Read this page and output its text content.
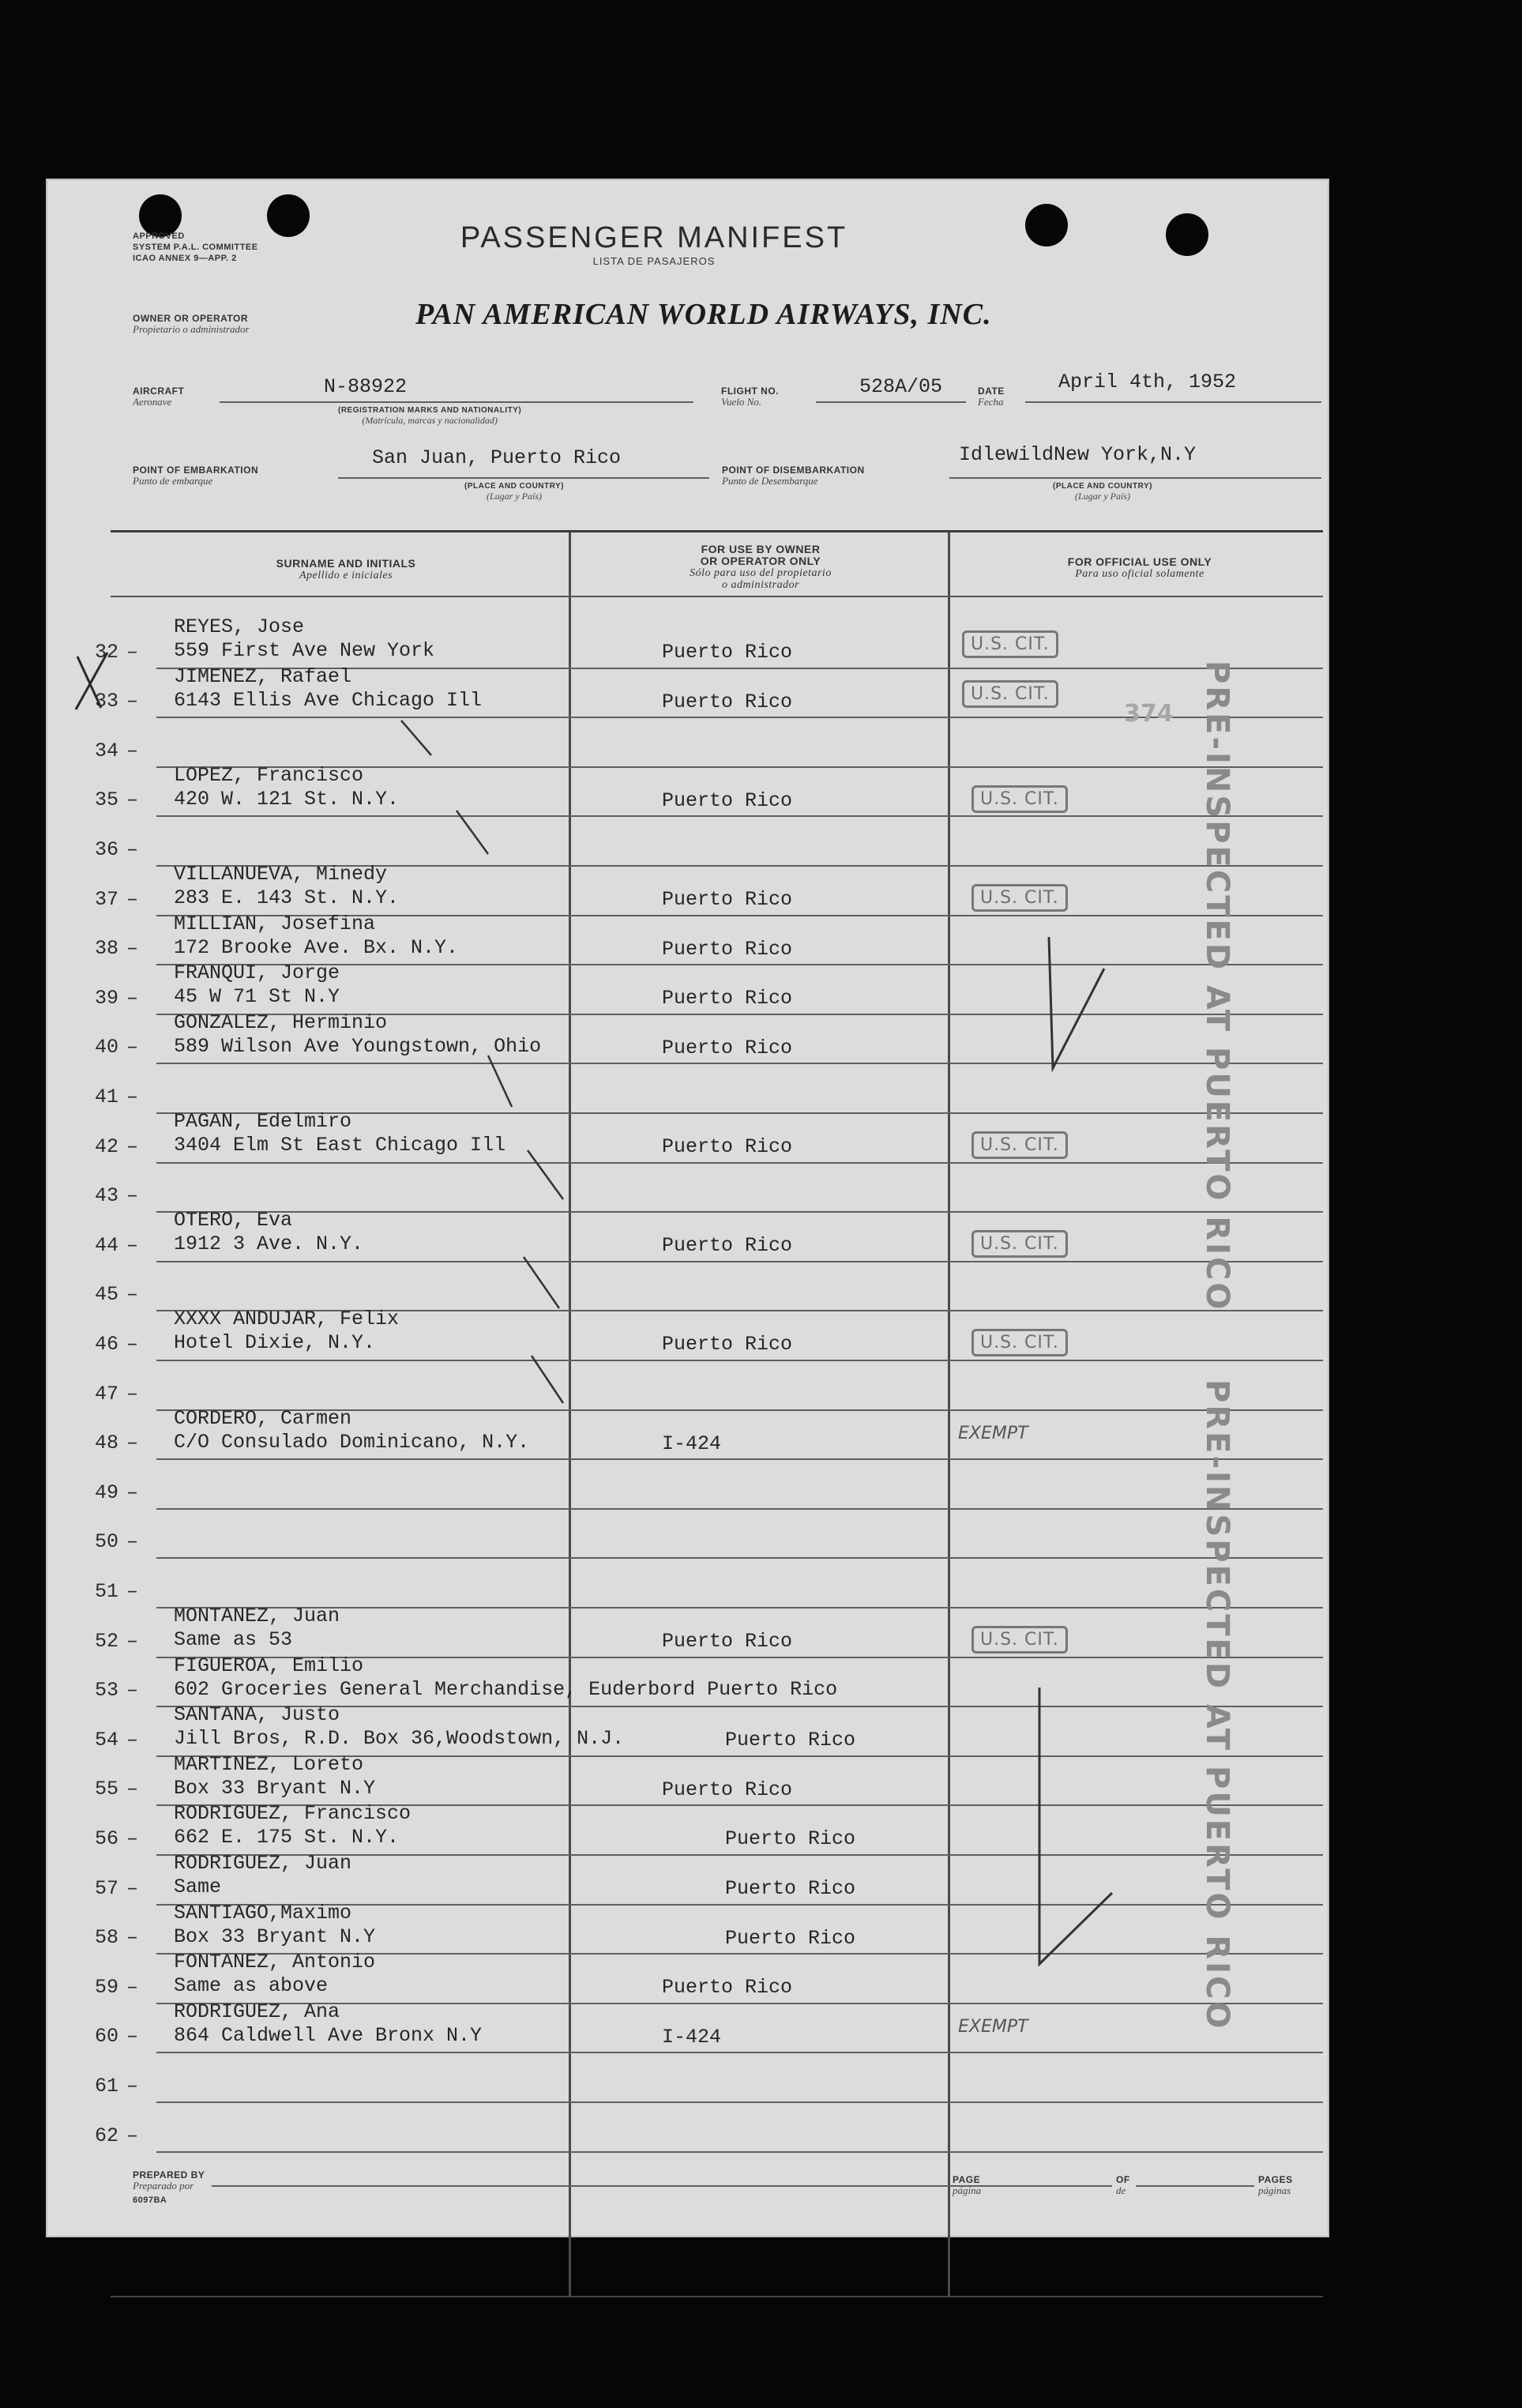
APPROVED
SYSTEM P.A.L. COMMITTEE
ICAO ANNEX 9—APP. 2
PASSENGER MANIFEST
LISTA DE PASAJEROS
OWNER OR OPERATOR
Propietario o administrador	PAN AMERICAN WORLD AIRWAYS, INC.
AIRCRAFT
Aeronave
N-88922
(REGISTRATION MARKS AND NATIONALITY)
(Matrícula, marcas y nacionalidad)
FLIGHT NO.
Vuelo No.
528A/05	DATE
Fecha
April 4th, 1952
POINT OF EMBARKATION
Punto de embarque
San Juan, Puerto Rico
(PLACE AND COUNTRY)
(Lugar y País)
POINT OF DISEMBARKATION
Punto de Desembarque
IdlewildNew York,N.Y
(PLACE AND COUNTRY)
(Lugar y País)
SURNAME AND INITIALS
Apellido e iniciales
FOR USE BY OWNER
OR OPERATOR ONLY
Sólo para uso del propietario
o administrador
FOR OFFICIAL USE ONLY
Para uso oficial solamente
32 –
REYES, Jose
559 First Ave New York	Puerto Rico	U.S. CIT.
33 –
JIMENEZ, Rafael
6143 Ellis Ave Chicago Ill	Puerto Rico	U.S. CIT.
34 –
35 –
LOPEZ, Francisco
420 W. 121 St. N.Y.	Puerto Rico	U.S. CIT.
36 –
37 –
VILLANUEVA, Minedy
283 E. 143 St. N.Y.	Puerto Rico	U.S. CIT.
38 –
MILLIAN, Josefina
172 Brooke Ave. Bx. N.Y.	Puerto Rico
39 –
FRANQUI, Jorge
45 W 71 St N.Y	Puerto Rico
40 –
GONZALEZ, Herminio
589 Wilson Ave Youngstown, Ohio	Puerto Rico
41 –
42 –
PAGAN, Edelmiro
3404 Elm St East Chicago Ill	Puerto Rico	U.S. CIT.
43 –
44 –
OTERO, Eva
1912 3 Ave. N.Y.	Puerto Rico	U.S. CIT.
45 –
46 –
XXXX ANDUJAR, Felix
Hotel Dixie, N.Y.	Puerto Rico	U.S. CIT.
47 –
48 –
CORDERO, Carmen
C/O Consulado Dominicano, N.Y.	I-424	EXEMPT
49 –
50 –
51 –
52 –
MONTANEZ, Juan
Same as 53	Puerto Rico	U.S. CIT.
53 –
FIGUEROA, Emilio
602 Groceries General Merchandise, Euderbord Puerto Rico
54 –
SANTANA, Justo
Jill Bros, R.D. Box 36,Woodstown, N.J.	Puerto Rico
55 –
MARTINEZ, Loreto
Box 33 Bryant N.Y	Puerto Rico
56 –
RODRIGUEZ, Francisco
662 E. 175 St. N.Y.	Puerto Rico
57 –
RODRIGUEZ, Juan
Same	Puerto Rico
58 –
SANTIAGO,Maximo
Box 33 Bryant N.Y	Puerto Rico
59 –
FONTANEZ, Antonio
Same as above	Puerto Rico
60 –
RODRIGUEZ, Ana
864 Caldwell Ave Bronx N.Y	I-424	EXEMPT
61 –
62 –
PRE-INSPECTED AT PUERTO RICO
PRE-INSPECTED AT PUERTO RICO
374
PREPARED BY
Preparado por
6097BA
PAGE
página
OF
de
PAGES
páginas
